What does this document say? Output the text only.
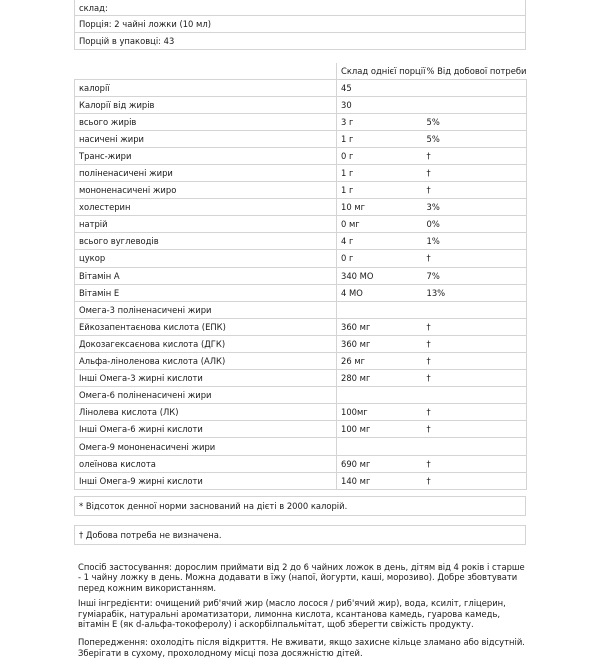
склад:
Порція: 2 чайні ложки (10 мл)
Порцій в упаковці: 43
	Склад однієї порції	% Від добової потреби
калорії	45	
Калорії від жирів	30	
всього жирів	3 г	5%
насичені жири	1 г	5%
Транс-жири	0 г	†
поліненасичені жири	1 г	†
мононенасичені жиро	1 г	†
холестерин	10 мг	3%
натрій	0 мг	0%
всього вуглеводів	4 г	1%
цукор	0 г	†
Вітамін А	340 МО	7%
Вітамін Е	4 МО	13%
Омега-3 поліненасичені жири		
Ейкозапентаєнова кислота (ЕПК)	360 мг	†
Докозагексаєнова кислота (ДГК)	360 мг	†
Альфа-ліноленова кислота (АЛК)	26 мг	†
Інші Омега-3 жирні кислоти	280 мг	†
Омега-6 поліненасичені жири		
Лінолева кислота (ЛК)	100мг	†
Інші Омега-6 жирні кислоти	100 мг	†
Омега-9 мононенасичені жири		
олеїнова кислота	690 мг	†
Інші Омега-9 жирні кислоти	140 мг	†
* Відсоток денної норми заснований на дієті в 2000 калорій.
† Добова потреба не визначена.
Спосіб застосування: дорослим приймати від 2 до 6 чайних ложок в день, дітям від 4 років і старше - 1 чайну ложку в день. Можна додавати в їжу (напої, йогурти, каші, морозиво). Добре збовтувати перед кожним використанням.
Інші інгредієнти: очищений риб'ячий жир (масло лосося / риб'ячий жир), вода, ксиліт, гліцерин, гуміарабік, натуральні ароматизатори, лимонна кислота, ксантанова камедь, гуарова камедь, вітамін Е (як d-альфа-токоферолу) і аскорбілпальмітат, щоб зберегти свіжість продукту.
Попередження: охолодіть після відкриття. Не вживати, якщо захисне кільце зламано або відсутній. Зберігати в сухому, прохолодному місці поза досяжністю дітей.
